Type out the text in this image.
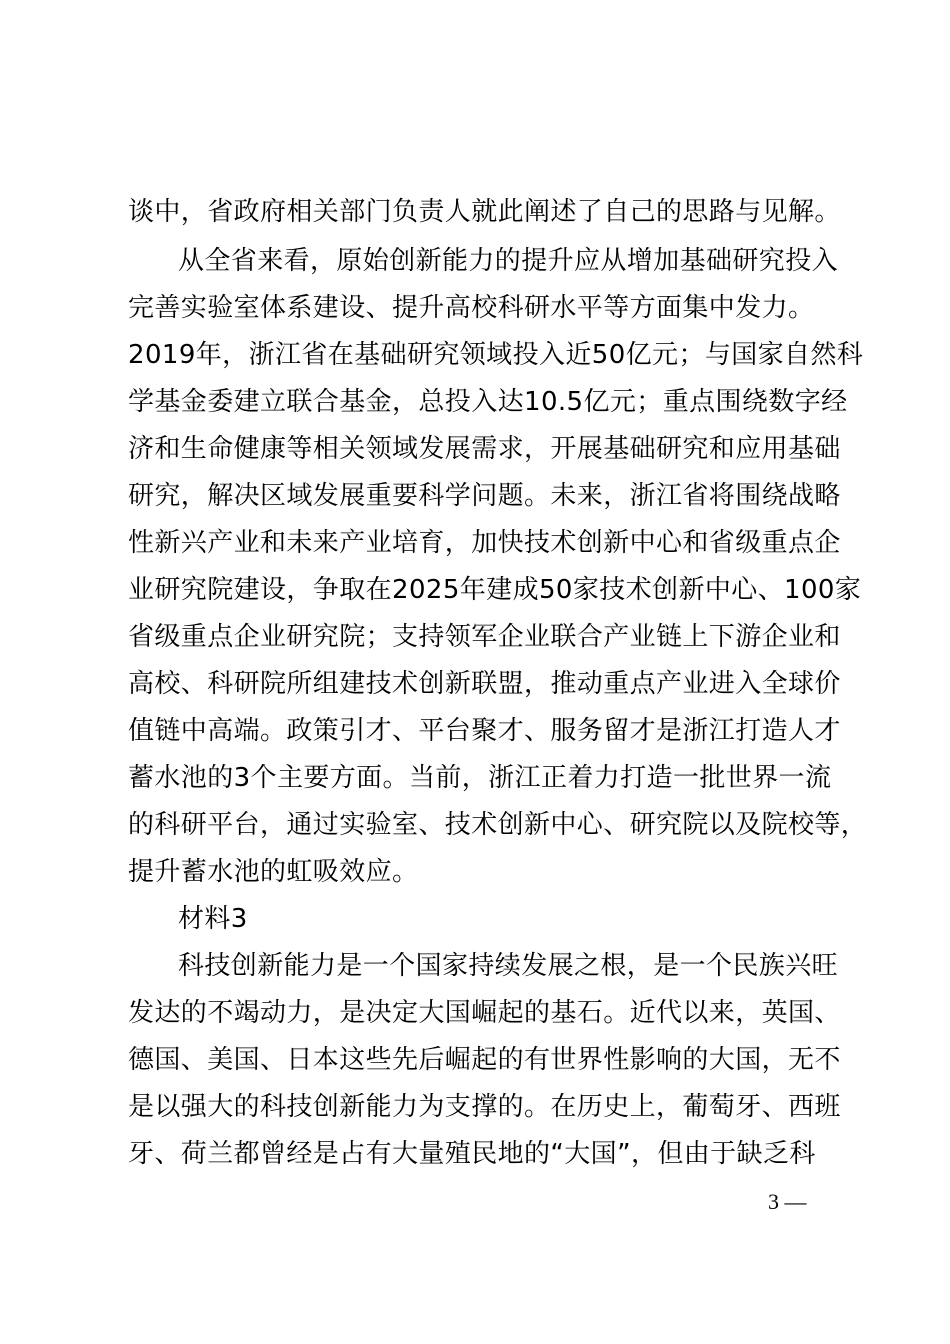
谈中，省政府相关部门负责人就此阐述了自己的思路与见解。
从全省来看，原始创新能力的提升应从增加基础研究投入
完善实验室体系建设、提升高校科研水平等方面集中发力。
2019年，浙江省在基础研究领域投入近50亿元；与国家自然科
学基金委建立联合基金，总投入达10.5亿元；重点围绕数字经
济和生命健康等相关领域发展需求，开展基础研究和应用基础
研究，解决区域发展重要科学问题。未来，浙江省将围绕战略
性新兴产业和未来产业培育，加快技术创新中心和省级重点企
业研究院建设，争取在2025年建成50家技术创新中心、100家
省级重点企业研究院；支持领军企业联合产业链上下游企业和
高校、科研院所组建技术创新联盟，推动重点产业进入全球价
值链中高端。政策引才、平台聚才、服务留才是浙江打造人才
蓄水池的3个主要方面。当前，浙江正着力打造一批世界一流
的科研平台，通过实验室、技术创新中心、研究院以及院校等，
提升蓄水池的虹吸效应。
材料3
科技创新能力是一个国家持续发展之根，是一个民族兴旺
发达的不竭动力，是决定大国崛起的基石。近代以来，英国、
德国、美国、日本这些先后崛起的有世界性影响的大国，无不
是以强大的科技创新能力为支撑的。在历史上，葡萄牙、西班
牙、荷兰都曾经是占有大量殖民地的“大国”，但由于缺乏科
3 —
